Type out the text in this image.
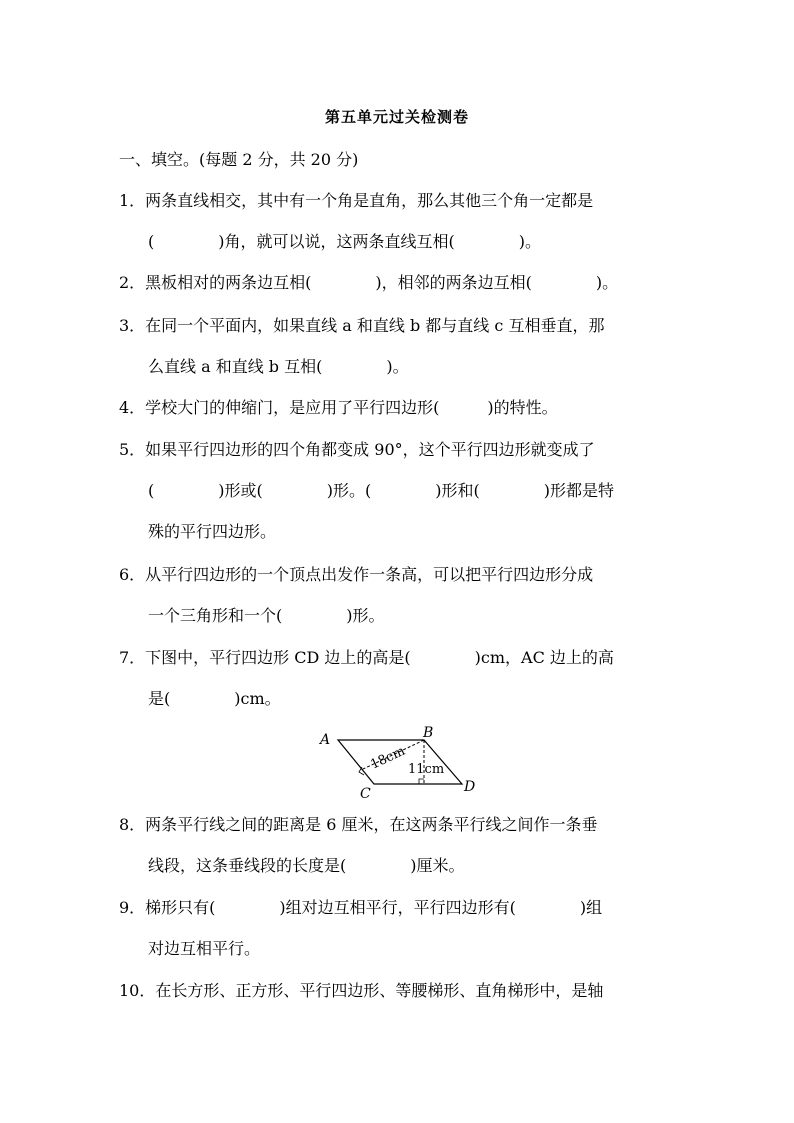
第五单元过关检测卷
一、填空。(每题 2 分，共 20 分)
1．两条直线相交，其中有一个角是直角，那么其他三个角一定都是
(　　　　)角，就可以说，这两条直线互相(　　　　)。
2．黑板相对的两条边互相(　　　　)，相邻的两条边互相(　　　　)。
3．在同一个平面内，如果直线 a 和直线 b 都与直线 c 互相垂直，那
么直线 a 和直线 b 互相(　　　　)。
4．学校大门的伸缩门，是应用了平行四边形(　　　)的特性。
5．如果平行四边形的四个角都变成 90°，这个平行四边形就变成了
(　　　　)形或(　　　　)形。(　　　　)形和(　　　　)形都是特
殊的平行四边形。
6．从平行四边形的一个顶点出发作一条高，可以把平行四边形分成
一个三角形和一个(　　　　)形。
7．下图中，平行四边形 CD 边上的高是(　　　　)cm，AC 边上的高
是(　　　　)cm。
A	B
C	D
18cm 11cm
8．两条平行线之间的距离是 6 厘米，在这两条平行线之间作一条垂
线段，这条垂线段的长度是(　　　　)厘米。
9．梯形只有(　　　　)组对边互相平行，平行四边形有(　　　　)组
对边互相平行。
10．在长方形、正方形、平行四边形、等腰梯形、直角梯形中，是轴
